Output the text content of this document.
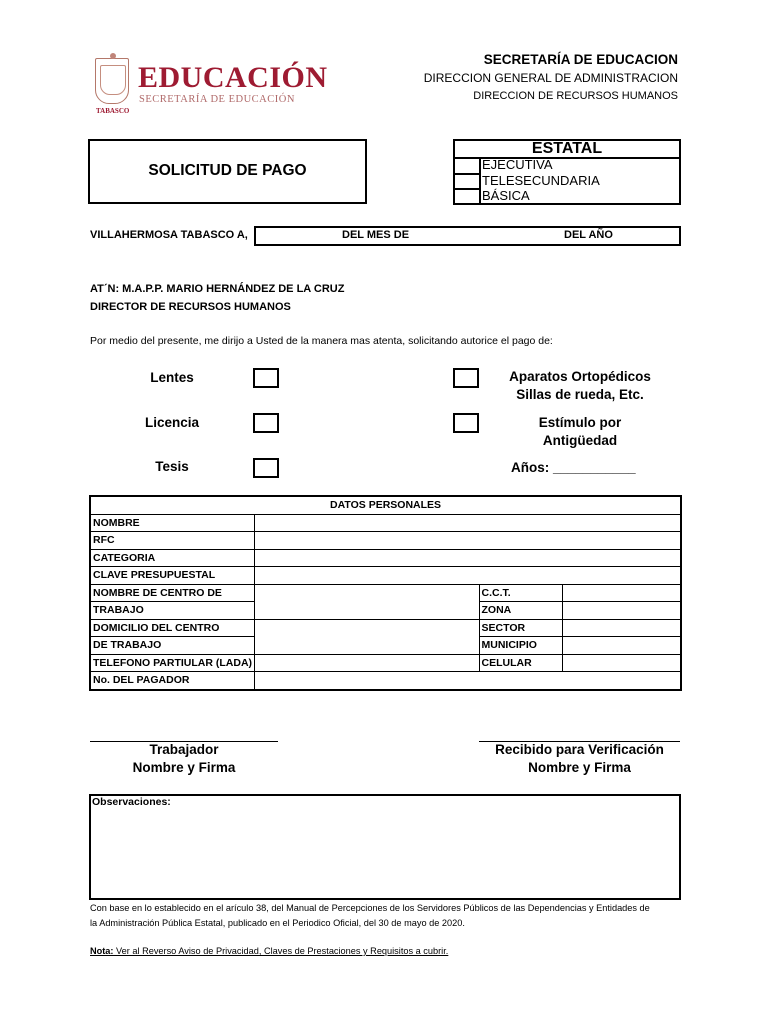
EDUCACIÓN
SECRETARÍA DE EDUCACIÓN
TABASCO
SECRETARÍA DE EDUCACION
DIRECCION GENERAL DE ADMINISTRACION
DIRECCION DE RECURSOS HUMANOS
SOLICITUD DE PAGO
ESTATAL
EJECUTIVA
TELESECUNDARIA
BÁSICA
VILLAHERMOSA TABASCO A,	DEL MES DE	DEL AÑO
AT´N: M.A.P.P. MARIO HERNÁNDEZ DE LA CRUZ
DIRECTOR DE RECURSOS HUMANOS
Por medio del presente, me dirijo a Usted de la manera mas atenta, solicitando autorice el pago de:
Lentes
Licencia
Tesis
Aparatos Ortopédicos
Sillas de rueda, Etc.
Estímulo por
Antigüedad
Años: ___________
DATOS PERSONALES			
NOMBRE			
RFC			
CATEGORIA			
CLAVE PRESUPUESTAL			
NOMBRE DE CENTRO DE		C.C.T.	
TRABAJO		ZONA	
DOMICILIO DEL CENTRO		SECTOR	
DE TRABAJO		MUNICIPIO	
TELEFONO PARTIULAR (LADA)		CELULAR	
No. DEL PAGADOR			
Trabajador
Nombre y Firma
Recibido para Verificación
Nombre y Firma
Observaciones:
Con base en lo establecido en el arículo 38, del Manual de Percepciones de los Servidores Públicos de las Dependencias y Entidades de
la Administración Pública Estatal, publicado en el Periodico Oficial, del 30 de mayo de 2020.
Nota: Ver al Reverso Aviso de Privacidad, Claves de Prestaciones y Requisitos a cubrir.
